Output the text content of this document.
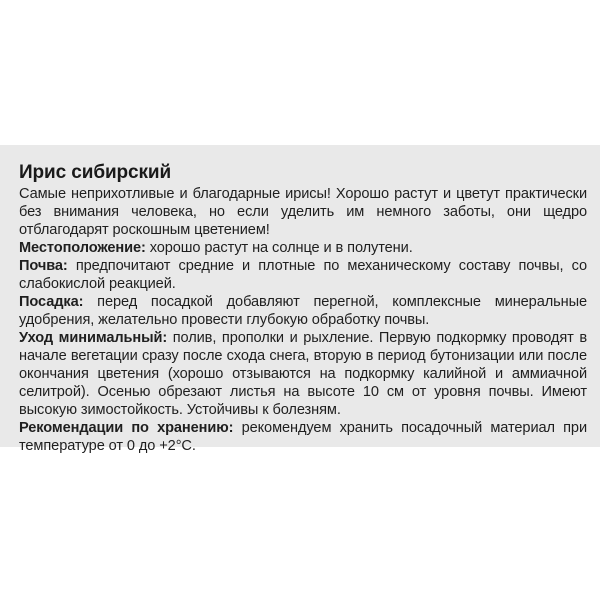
Ирис сибирский

Самые неприхотливые и благодарные ирисы! Хорошо растут и цветут практически без внимания человека, но если уделить им немного заботы, они щедро отблагодарят роскошным цветением!

Местоположение: хорошо растут на солнце и в полутени.

Почва: предпочитают средние и плотные по механическому составу почвы, со слабокислой реакцией.

Посадка: перед посадкой добавляют перегной, комплексные минеральные удобрения, желательно провести глубокую обработку почвы.

Уход минимальный: полив, прополки и рыхление. Первую подкормку проводят в начале вегетации сразу после схода снега, вторую в период бутонизации или после окончания цветения (хорошо отзываются на подкормку калийной и аммиачной селитрой). Осенью обрезают листья на высоте 10 см от уровня почвы. Имеют высокую зимостойкость. Устойчивы к болезням.

Рекомендации по хранению: рекомендуем хранить посадочный материал при температуре от 0 до +2°С.
